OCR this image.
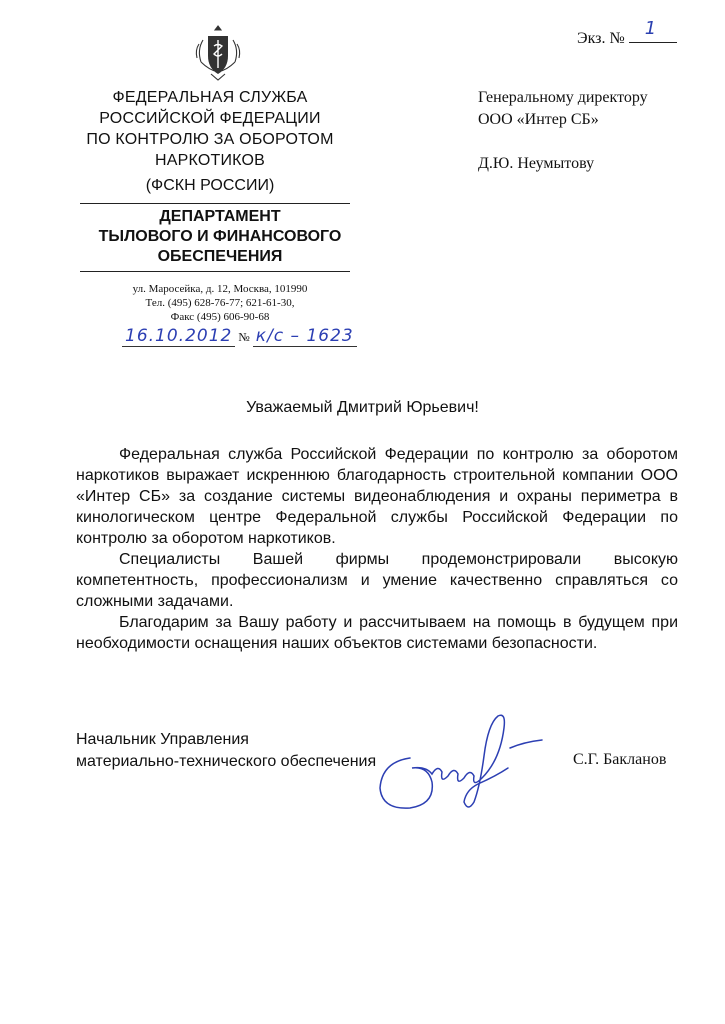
Экз. № 1
ФЕДЕРАЛЬНАЯ СЛУЖБА
РОССИЙСКОЙ ФЕДЕРАЦИИ
ПО КОНТРОЛЮ ЗА ОБОРОТОМ
НАРКОТИКОВ
(ФСКН РОССИИ)
ДЕПАРТАМЕНТ
ТЫЛОВОГО И ФИНАНСОВОГО
ОБЕСПЕЧЕНИЯ
ул. Маросейка, д. 12, Москва, 101990
Тел. (495) 628-76-77; 621-61-30,
Факс (495) 606-90-68
16.10.2012 № к/с – 1623
Генеральному директору
ООО «Интер СБ»
Д.Ю. Неумытову
Уважаемый Дмитрий Юрьевич!

Федеральная служба Российской Федерации по контролю за оборотом наркотиков выражает искреннюю благодарность строительной компании ООО «Интер СБ» за создание системы видеонаблюдения и охраны периметра в кинологическом центре Федеральной службы Российской Федерации по контролю за оборотом наркотиков.

Специалисты Вашей фирмы продемонстрировали высокую компетентность, профессионализм и умение качественно справляться со сложными задачами.

Благодарим за Вашу работу и рассчитываем на помощь в будущем при необходимости оснащения наших объектов системами безопасности.

Начальник Управления
материально-технического обеспечения	С.Г. Бакланов
